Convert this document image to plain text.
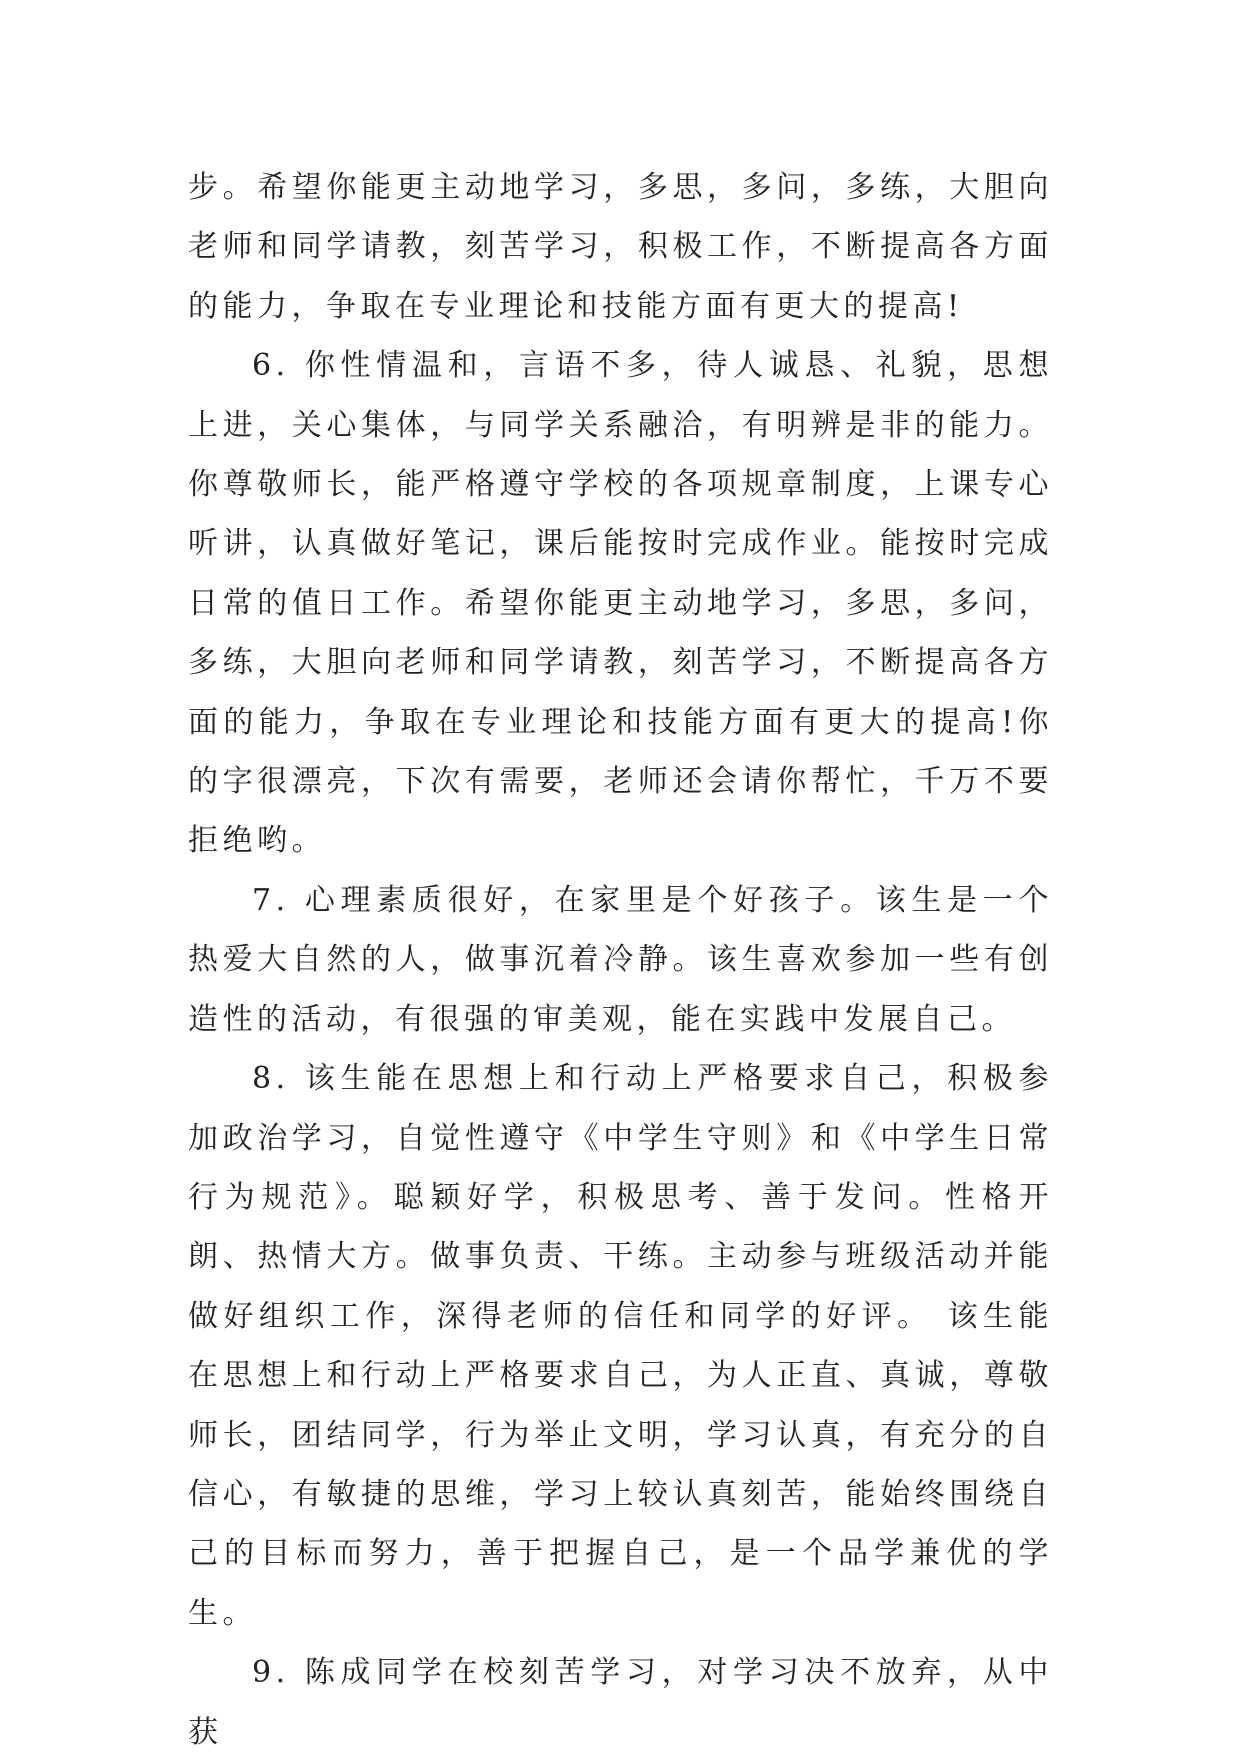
步。希望你能更主动地学习，多思，多问，多练，大胆向老师和同学请教，刻苦学习，积极工作，不断提高各方面的能力，争取在专业理论和技能方面有更大的提高!

6. 你性情温和，言语不多，待人诚恳、礼貌，思想上进，关心集体，与同学关系融洽，有明辨是非的能力。你尊敬师长，能严格遵守学校的各项规章制度，上课专心听讲，认真做好笔记，课后能按时完成作业。能按时完成日常的值日工作。希望你能更主动地学习，多思，多问，多练，大胆向老师和同学请教，刻苦学习，不断提高各方面的能力，争取在专业理论和技能方面有更大的提高!你的字很漂亮，下次有需要，老师还会请你帮忙，千万不要拒绝哟。

7. 心理素质很好，在家里是个好孩子。该生是一个热爱大自然的人，做事沉着冷静。该生喜欢参加一些有创造性的活动，有很强的审美观，能在实践中发展自己。

8. 该生能在思想上和行动上严格要求自己，积极参加政治学习，自觉性遵守《中学生守则》和《中学生日常行为规范》。聪颖好学，积极思考、善于发问。性格开朗、热情大方。做事负责、干练。主动参与班级活动并能做好组织工作，深得老师的信任和同学的好评。 该生能在思想上和行动上严格要求自己，为人正直、真诚，尊敬师长，团结同学，行为举止文明，学习认真，有充分的自信心，有敏捷的思维，学习上较认真刻苦，能始终围绕自己的目标而努力，善于把握自己，是一个品学兼优的学生。

9. 陈成同学在校刻苦学习，对学习决不放弃，从中获
